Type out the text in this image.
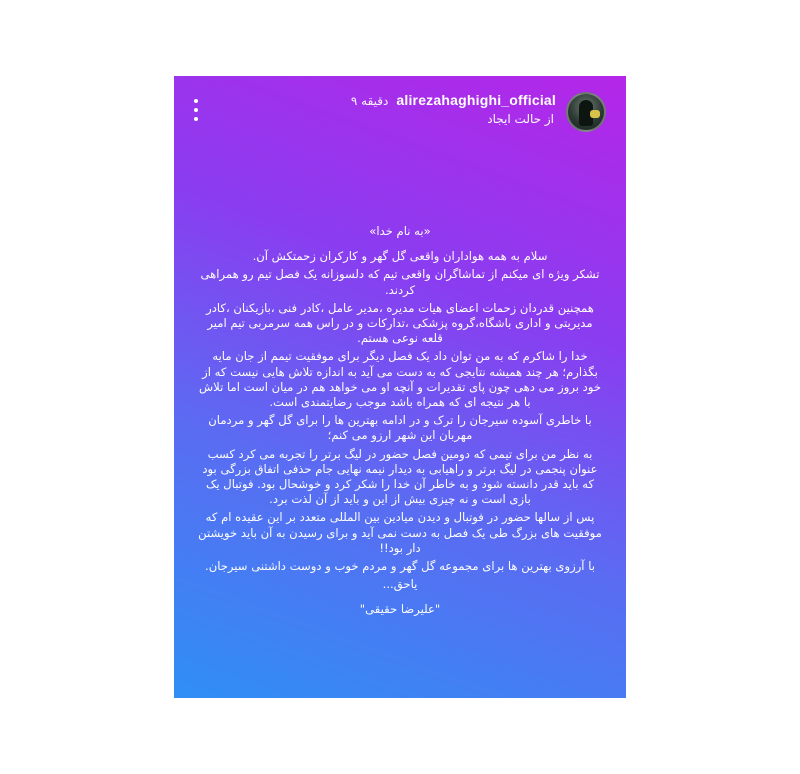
alirezahaghighi_official
۹ دقیقه
از حالت ایجاد

«به نام خدا»

سلام به همه هواداران واقعی گل گهر و کارکران زحمتکش آن.

تشکر ویژه ای میکنم از تماشاگران واقعی تیم که دلسوزانه یک فصل تیم رو همراهی کردند.

همچنین قدردان زحمات اعضای هیات مدیره ،مدیر عامل ،کادر فنی ،بازیکنان ،کادر مدیریتی و اداری باشگاه،گروه پزشکی ،تدارکات و در راس همه سرمربی تیم امیر قلعه نوعی هستم.

خدا را شاکرم که به من توان داد یک فصل دیگر برای موفقیت تیمم از جان مایه بگذارم؛ هر چند همیشه نتایجی که به دست می آید به اندازه تلاش هایی نیست که از خود بروز می دهی چون پای تقدیرات و آنچه او می خواهد هم در میان است اما تلاش با هر نتیجه ای که همراه باشد موجب رضایتمندی است.

با خاطری آسوده سیرجان را ترک و در ادامه بهترین ها را برای گل گهر و مردمان مهربان این شهر ارزو می کنم؛

به نظر من برای تیمی که دومین فصل حضور در لیگ برتر را تجربه می کرد کسب عنوان پنجمی در لیگ برتر و راهیابی به دیدار نیمه نهایی جام حذفی اتفاق بزرگی بود که باید قدر دانسته شود و به خاطر آن خدا را شکر کرد و خوشحال بود. فوتبال یک بازی است و نه چیزی بیش از این و باید از آن لذت برد.

پس از سالها حضور در فوتبال و دیدن میادین بین المللی متعدد بر این عقیده ام که موفقیت های بزرگ طی یک فصل به دست نمی آید و برای رسیدن به آن باید خویشتن دار بود!!

با آرزوی بهترین ها برای مجموعه گل گهر و مردم خوب و دوست داشتنی سیرجان.

یاحق...

"علیرضا حقیقی"
